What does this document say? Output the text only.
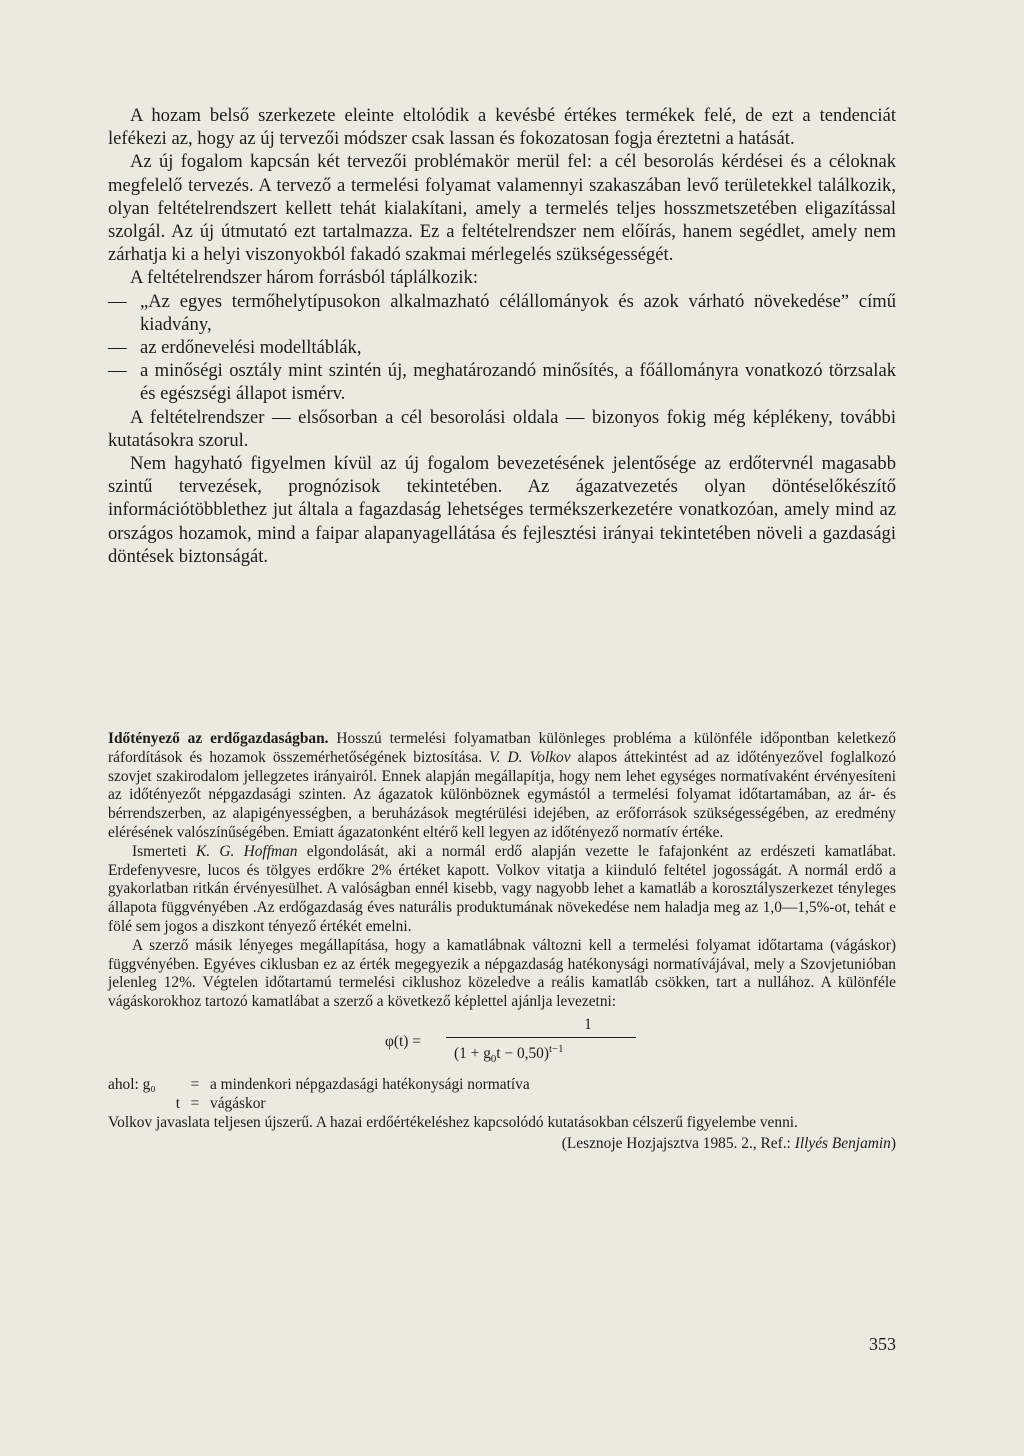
A hozam belső szerkezete eleinte eltolódik a kevésbé értékes termékek felé, de ezt a tendenciát lefékezi az, hogy az új tervezői módszer csak lassan és fokozatosan fogja éreztetni a hatását.

Az új fogalom kapcsán két tervezői problémakör merül fel: a cél besorolás kérdései és a céloknak megfelelő tervezés. A tervező a termelési folyamat valamennyi szakaszában levő területekkel találkozik, olyan feltételrendszert kellett tehát kialakítani, amely a termelés teljes hosszmetszetében eligazítással szolgál. Az új útmutató ezt tartalmazza. Ez a feltételrendszer nem előírás, hanem segédlet, amely nem zárhatja ki a helyi viszonyokból fakadó szakmai mérlegelés szükségességét.

A feltételrendszer három forrásból táplálkozik:

— „Az egyes termőhelytípusokon alkalmazható célállományok és azok várható növekedése” című kiadvány,
— az erdőnevelési modelltáblák,
— a minőségi osztály mint szintén új, meghatározandó minősítés, a főállományra vonatkozó törzsalak és egészségi állapot ismérv.

A feltételrendszer — elsősorban a cél besorolási oldala — bizonyos fokig még képlékeny, további kutatásokra szorul.

Nem hagyható figyelmen kívül az új fogalom bevezetésének jelentősége az erdőtervnél magasabb szintű tervezések, prognózisok tekintetében. Az ágazatvezetés olyan döntéselőkészítő információtöbblethez jut általa a fagazdaság lehetséges termékszerkezetére vonatkozóan, amely mind az országos hozamok, mind a faipar alapanyagellátása és fejlesztési irányai tekintetében növeli a gazdasági döntések biztonságát.

Időtényező az erdőgazdaságban. Hosszú termelési folyamatban különleges probléma a különféle időpontban keletkező ráfordítások és hozamok összemérhetőségének biztosítása. V. D. Volkov alapos áttekintést ad az időtényezővel foglalkozó szovjet szakirodalom jellegzetes irányairól. Ennek alapján megállapítja, hogy nem lehet egységes normatívaként érvényesíteni az időtényezőt népgazdasági szinten. Az ágazatok különböznek egymástól a termelési folyamat időtartamában, az ár- és bérrendszerben, az alapigényességben, a beruházások megtérülési idejében, az erőforrások szükségességében, az eredmény elérésének valószínűségében. Emiatt ágazatonként eltérő kell legyen az időtényező normatív értéke.

Ismerteti K. G. Hoffman elgondolását, aki a normál erdő alapján vezette le fafajonként az erdészeti kamatlábat. Erdefenyvesre, lucos és tölgyes erdőkre 2% értéket kapott. Volkov vitatja a kiinduló feltétel jogosságát. A normál erdő a gyakorlatban ritkán érvényesülhet. A valóságban ennél kisebb, vagy nagyobb lehet a kamatláb a korosztályszerkezet tényleges állapota függvényében .Az erdőgazdaság éves naturális produktumának növekedése nem haladja meg az 1,0—1,5%-ot, tehát e fölé sem jogos a diszkont tényező értékét emelni.

A szerző másik lényeges megállapítása, hogy a kamatlábnak változni kell a termelési folyamat időtartama (vágáskor) függvényében. Egyéves ciklusban ez az érték megegyezik a népgazdaság hatékonysági normatívájával, mely a Szovjetunióban jelenleg 12%. Végtelen időtartamú termelési ciklushoz közeledve a reális kamatláb csökken, tart a nullához. A különféle vágáskorokhoz tartozó kamatlábat a szerző a következő képlettel ajánlja levezetni:

φ(t) =
1
$(1 + g_0t - 0,50)^{t-1}$
ahol: g₀	= a mindenkori népgazdasági hatékonysági normatíva
t = vágáskor

Volkov javaslata teljesen újszerű. A hazai erdőértékeléshez kapcsolódó kutatásokban célszerű figyelembe venni.

(Lesznoje Hozjajsztva 1985. 2., Ref.: Illyés Benjamin)
353
